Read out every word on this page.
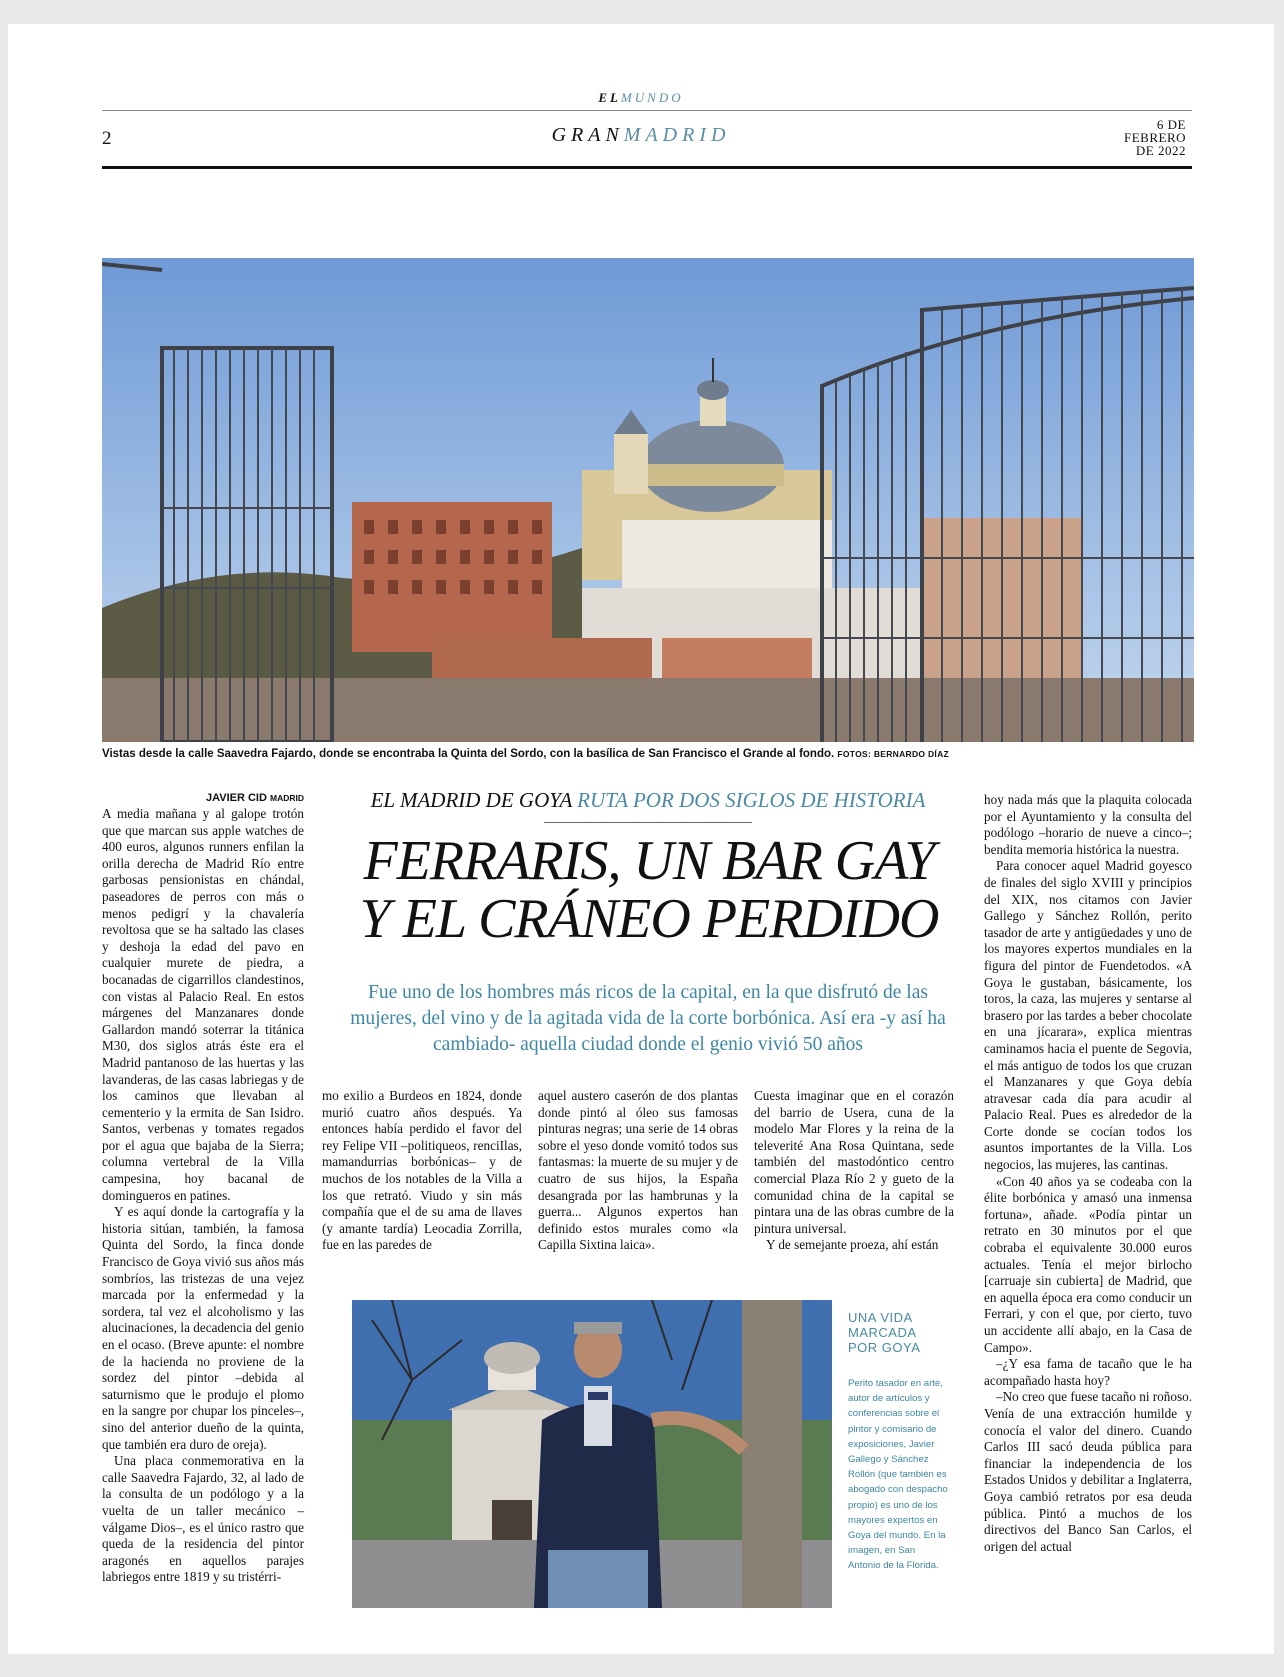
ELMUNDO
2	GRANMADRID	6 DE
FEBRERO
DE 2022
Vistas desde la calle Saavedra Fajardo, donde se encontraba la Quinta del Sordo, con la basílica de San Francisco el Grande al fondo. FOTOS: BERNARDO DÍAZ
JAVIER CID MADRID

A media mañana y al galope trotón que que marcan sus apple watches de 400 euros, algunos runners enfilan la orilla derecha de Madrid Río entre garbosas pensionistas en chándal, paseadores de perros con más o menos pedigrí y la chavalería revoltosa que se ha saltado las clases y deshoja la edad del pavo en cualquier murete de piedra, a bocanadas de cigarrillos clandestinos, con vistas al Palacio Real. En estos márgenes del Manzanares donde Gallardon mandó soterrar la titánica M30, dos siglos atrás éste era el Madrid pantanoso de las huertas y las lavanderas, de las casas labriegas y de los caminos que llevaban al cementerio y la ermita de San Isidro. Santos, verbenas y tomates regados por el agua que bajaba de la Sierra; columna vertebral de la Villa campesina, hoy bacanal de domingueros en patines.

Y es aquí donde la cartografía y la historia sitúan, también, la famosa Quinta del Sordo, la finca donde Francisco de Goya vivió sus años más sombríos, las tristezas de una vejez marcada por la enfermedad y la sordera, tal vez el alcoholismo y las alucinaciones, la decadencia del genio en el ocaso. (Breve apunte: el nombre de la hacienda no proviene de la sordez del pintor –debida al saturnismo que le produjo el plomo en la sangre por chupar los pinceles–, sino del anterior dueño de la quinta, que también era duro de oreja).

Una placa conmemorativa en la calle Saavedra Fajardo, 32, al lado de la consulta de un podólogo y a la vuelta de un taller mecánico –válgame Dios–, es el único rastro que queda de la residencia del pintor aragonés en aquellos parajes labriegos entre 1819 y su tristérri-

EL MADRID DE GOYA RUTA POR DOS SIGLOS DE HISTORIA
FERRARIS, UN BAR GAY
Y EL CRÁNEO PERDIDO
Fue uno de los hombres más ricos de la capital, en la que disfrutó de las mujeres, del vino y de la agitada vida de la corte borbónica. Así era -y así ha cambiado- aquella ciudad donde el genio vivió 50 años

mo exilio a Burdeos en 1824, donde murió cuatro años después. Ya entonces había perdido el favor del rey Felipe VII –politiqueos, renciIlas, mamandurrias borbónicas– y de muchos de los notables de la Villa a los que retrató. Viudo y sin más compañía que el de su ama de llaves (y amante tardía) Leocadia Zorrilla, fue en las paredes de

aquel austero caserón de dos plantas donde pintó al óleo sus famosas pinturas negras; una serie de 14 obras sobre el yeso donde vomitó todos sus fantasmas: la muerte de su mujer y de cuatro de sus hijos, la España desangrada por las hambrunas y la guerra... Algunos expertos han definido estos murales como «la Capilla Sixtina laica».

Cuesta imaginar que en el corazón del barrio de Usera, cuna de la modelo Mar Flores y la reina de la televerité Ana Rosa Quintana, sede también del mastodóntico centro comercial Plaza Río 2 y gueto de la comunidad china de la capital se pintara una de las obras cumbre de la pintura universal.

Y de semejante proeza, ahí están

hoy nada más que la plaquita colocada por el Ayuntamiento y la consulta del podólogo –horario de nueve a cinco–; bendita memoria histórica la nuestra.

Para conocer aquel Madrid goyesco de finales del siglo XVIII y principios del XIX, nos citamos con Javier Gallego y Sánchez Rollón, perito tasador de arte y antigüedades y uno de los mayores expertos mundiales en la figura del pintor de Fuendetodos. «A Goya le gustaban, básicamente, los toros, la caza, las mujeres y sentarse al brasero por las tardes a beber chocolate en una jícarara», explica mientras caminamos hacia el puente de Segovia, el más antiguo de todos los que cruzan el Manzanares y que Goya debía atravesar cada día para acudir al Palacio Real. Pues es alrededor de la Corte donde se cocían todos los asuntos importantes de la Villa. Los negocios, las mujeres, las cantinas.

«Con 40 años ya se codeaba con la élite borbónica y amasó una inmensa fortuna», añade. «Podía pintar un retrato en 30 minutos por el que cobraba el equivalente 30.000 euros actuales. Tenía el mejor birlocho [carruaje sin cubierta] de Madrid, que en aquella época era como conducir un Ferrari, y con el que, por cierto, tuvo un accidente allí abajo, en la Casa de Campo».

–¿Y esa fama de tacaño que le ha acompañado hasta hoy?

–No creo que fuese tacaño ni roñoso. Venía de una extracción humilde y conocía el valor del dinero. Cuando Carlos III sacó deuda pública para financiar la independencia de los Estados Unidos y debilitar a Inglaterra, Goya cambió retratos por esa deuda pública. Pintó a muchos de los directivos del Banco San Carlos, el origen del actual

UNA VIDA MARCADA POR GOYA
Perito tasador en arte, autor de artículos y conferencias sobre el pintor y comisario de exposiciones, Javier Gallego y Sánchez Rollón (que también es abogado con despacho propio) es uno de los mayores expertos en Goya del mundo. En la imagen, en San Antonio de la Florida.
